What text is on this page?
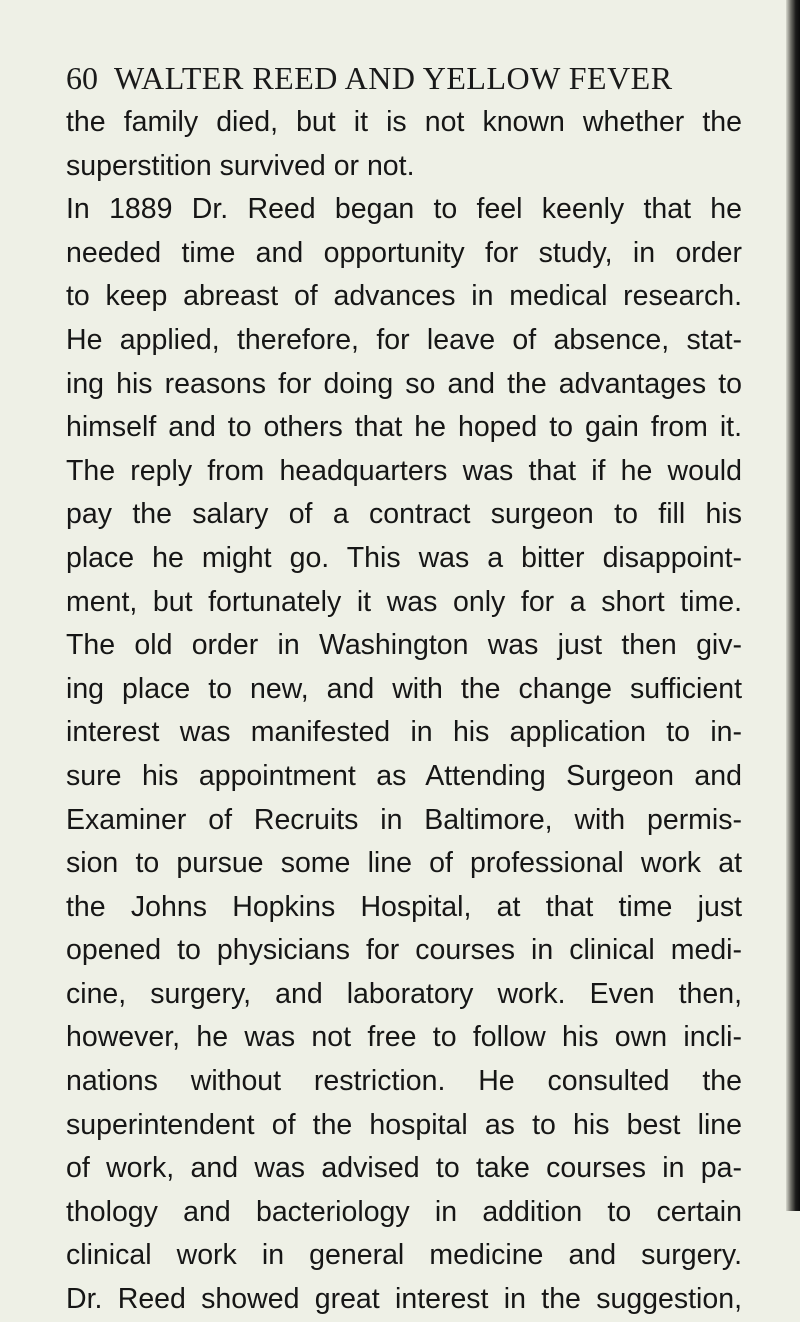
60 WALTER REED AND YELLOW FEVER
the family died, but it is not known whether the
superstition survived or not.
In 1889 Dr. Reed began to feel keenly that he
needed time and opportunity for study, in order
to keep abreast of advances in medical research.
He applied, therefore, for leave of absence, stat-
ing his reasons for doing so and the advantages to
himself and to others that he hoped to gain from it.
The reply from headquarters was that if he would
pay the salary of a contract surgeon to fill his
place he might go. This was a bitter disappoint-
ment, but fortunately it was only for a short time.
The old order in Washington was just then giv-
ing place to new, and with the change sufficient
interest was manifested in his application to in-
sure his appointment as Attending Surgeon and
Examiner of Recruits in Baltimore, with permis-
sion to pursue some line of professional work at
the Johns Hopkins Hospital, at that time just
opened to physicians for courses in clinical medi-
cine, surgery, and laboratory work. Even then,
however, he was not free to follow his own incli-
nations without restriction. He consulted the
superintendent of the hospital as to his best line
of work, and was advised to take courses in pa-
thology and bacteriology in addition to certain
clinical work in general medicine and surgery.
Dr. Reed showed great interest in the suggestion,
